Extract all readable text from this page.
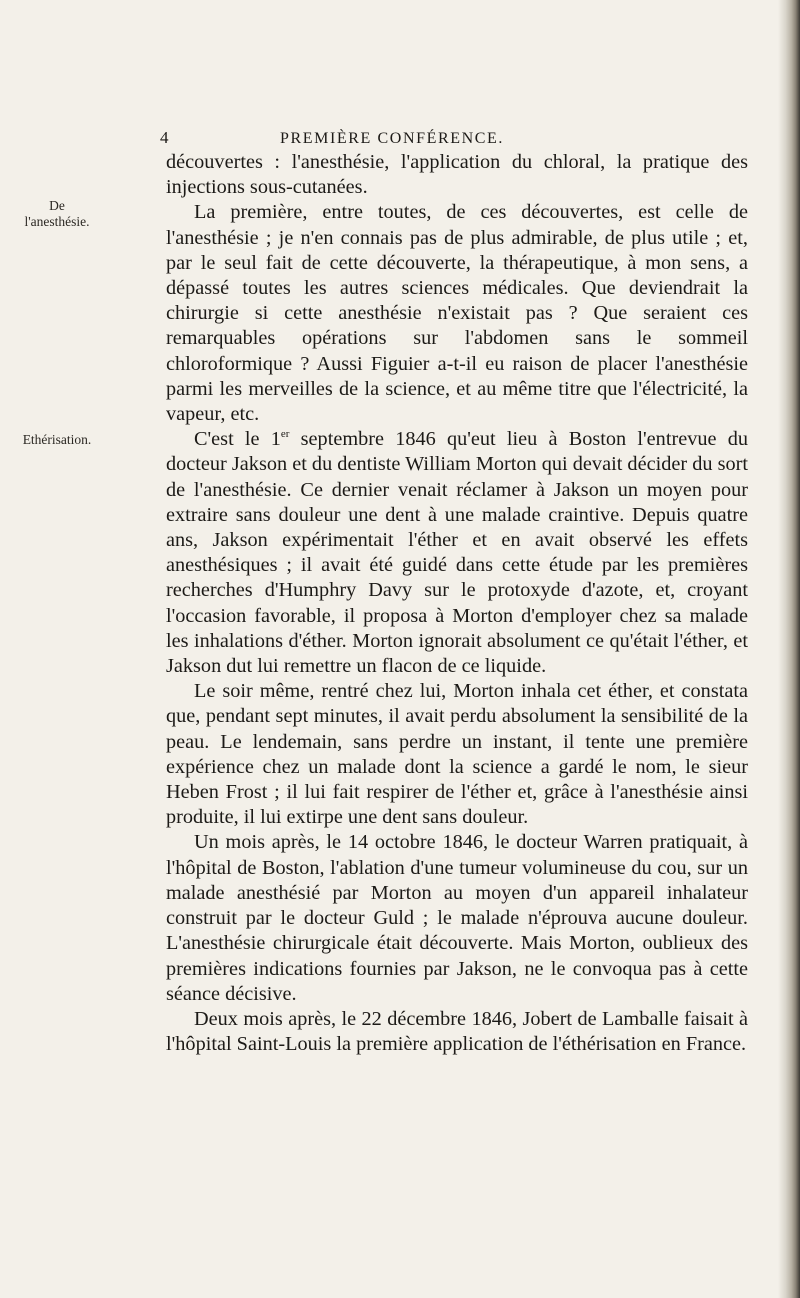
4	PREMIÈRE CONFÉRENCE.
De
l'anesthésie.
Ethérisation.

découvertes : l'anesthésie, l'application du chloral, la pratique des injections sous-cutanées.

La première, entre toutes, de ces découvertes, est celle de l'anesthésie ; je n'en connais pas de plus admirable, de plus utile ; et, par le seul fait de cette découverte, la thérapeutique, à mon sens, a dépassé toutes les autres sciences médicales. Que deviendrait la chirurgie si cette anesthésie n'existait pas ? Que seraient ces remarquables opérations sur l'abdomen sans le sommeil chloroformique ? Aussi Figuier a-t-il eu raison de placer l'anesthésie parmi les merveilles de la science, et au même titre que l'électricité, la vapeur, etc.

C'est le 1er septembre 1846 qu'eut lieu à Boston l'entrevue du docteur Jakson et du dentiste William Morton qui devait décider du sort de l'anesthésie. Ce dernier venait réclamer à Jakson un moyen pour extraire sans douleur une dent à une malade craintive. Depuis quatre ans, Jakson expérimentait l'éther et en avait observé les effets anesthésiques ; il avait été guidé dans cette étude par les premières recherches d'Humphry Davy sur le protoxyde d'azote, et, croyant l'occasion favorable, il proposa à Morton d'employer chez sa malade les inhalations d'éther. Morton ignorait absolument ce qu'était l'éther, et Jakson dut lui remettre un flacon de ce liquide.

Le soir même, rentré chez lui, Morton inhala cet éther, et constata que, pendant sept minutes, il avait perdu absolument la sensibilité de la peau. Le lendemain, sans perdre un instant, il tente une première expérience chez un malade dont la science a gardé le nom, le sieur Heben Frost ; il lui fait respirer de l'éther et, grâce à l'anesthésie ainsi produite, il lui extirpe une dent sans douleur.

Un mois après, le 14 octobre 1846, le docteur Warren pratiquait, à l'hôpital de Boston, l'ablation d'une tumeur volumineuse du cou, sur un malade anesthésié par Morton au moyen d'un appareil inhalateur construit par le docteur Guld ; le malade n'éprouva aucune douleur. L'anesthésie chirurgicale était découverte. Mais Morton, oublieux des premières indications fournies par Jakson, ne le convoqua pas à cette séance décisive.

Deux mois après, le 22 décembre 1846, Jobert de Lamballe faisait à l'hôpital Saint-Louis la première application de l'éthérisation en France.
